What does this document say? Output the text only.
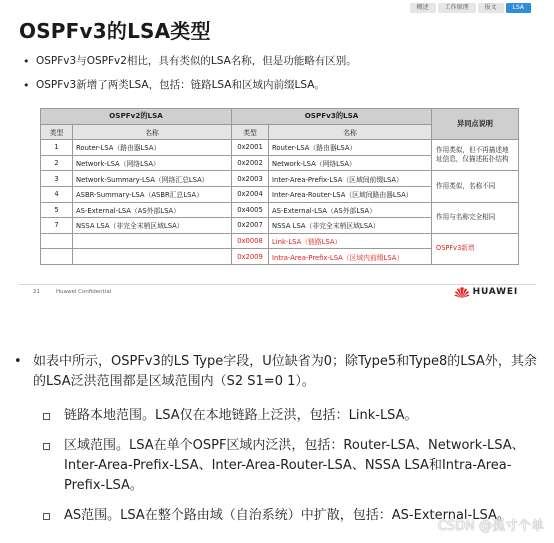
概述	工作原理	报文	LSA
OSPFv3的LSA类型
• OSPFv3与OSPFv2相比，具有类似的LSA名称，但是功能略有区别。
• OSPFv3新增了两类LSA，包括：链路LSA和区域内前缀LSA。
OSPFv2的LSA		OSPFv3的LSA		异同点说明
类型	名称	类型	名称	
1	Router-LSA（路由器LSA）	0x2001	Router-LSA（路由器LSA）	作用类似，但不再描述地址信息，仅描述拓扑结构
2	Network-LSA（网络LSA）	0x2002	Network-LSA（网络LSA）	
3	Network-Summary-LSA（网络汇总LSA）	0x2003	Inter-Area-Prefix-LSA（区域间前缀LSA）	作用类似，名称不同
4	ASBR-Summary-LSA（ASBR汇总LSA）	0x2004	Inter-Area-Router-LSA（区域间路由器LSA）	
5	AS-External-LSA（AS外部LSA）	0x4005	AS-External-LSA（AS外部LSA）	作用与名称完全相同
7	NSSA LSA（非完全末梢区域LSA）	0x2007	NSSA LSA（非完全末梢区域LSA）	
		0x0008	Link-LSA（链路LSA）	OSPFv3新增
		0x2009	Intra-Area-Prefix-LSA（区域内前缀LSA）	
21	Huawei Confidential	HUAWEI
• 如表中所示，OSPFv3的LS Type字段，U位缺省为0；除Type5和Type8的LSA外，其余的LSA泛洪范围都是区域范围内（S2 S1=0 1）。
链路本地范围。LSA仅在本地链路上泛洪，包括：Link-LSA。
区域范围。LSA在单个OSPF区域内泛洪，包括：Router-LSA、Network-LSA、Inter-Area-Prefix-LSA、Inter-Area-Router-LSA、NSSA LSA和Intra-Area-Prefix-LSA。
AS范围。LSA在整个路由域（自治系统）中扩散，包括：AS-External-LSA。
CSDN @孤寸个单
